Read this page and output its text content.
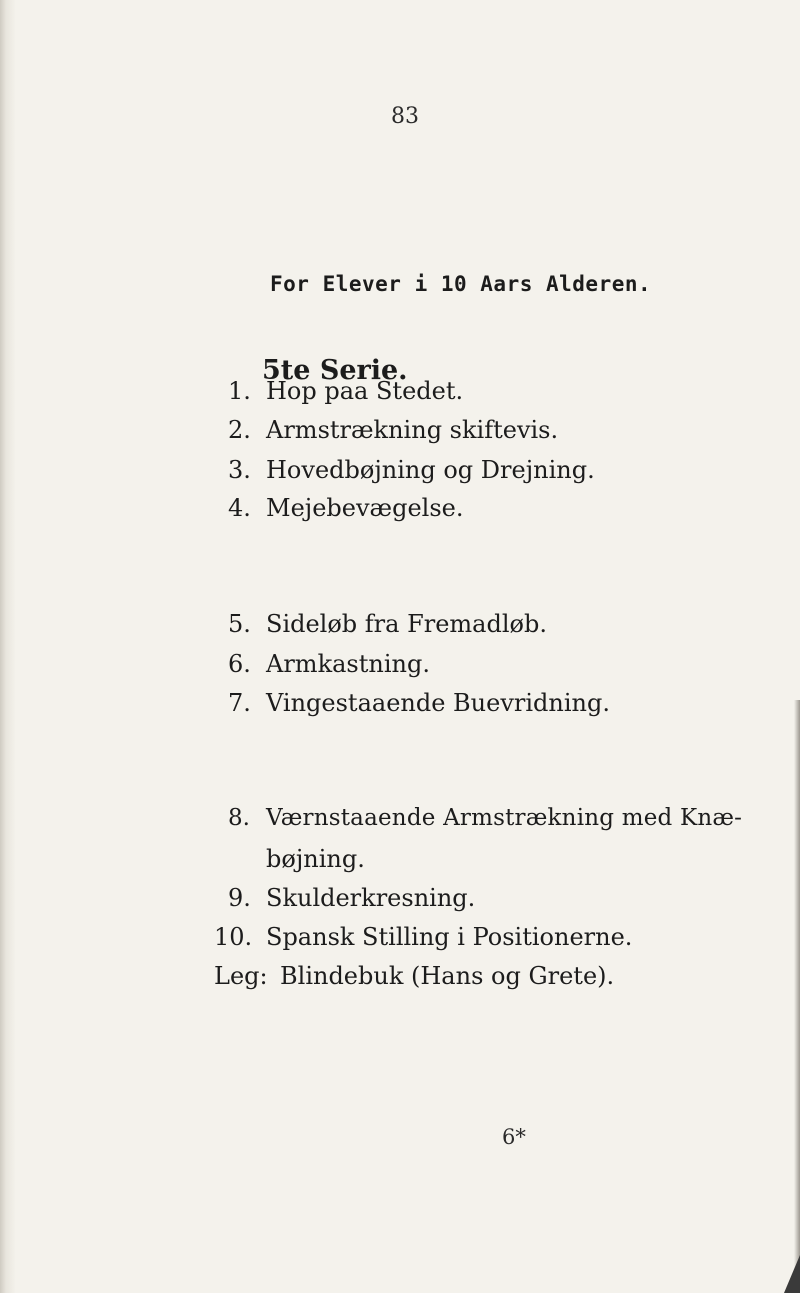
83
For Elever i 10 Aars Alderen.
5te Serie.
1. Hop paa Stedet.
2. Armstrækning skiftevis.
3. Hovedbøjning og Drejning.
4. Mejebevægelse.
5. Sideløb fra Fremadløb.
6. Armkastning.
7. Vingestaaende Buevridning.
8. Værnstaaende Armstrækning med Knæ-
bøjning.
9. Skulderkresning.
10. Spansk Stilling i Positionerne.
Leg: Blindebuk (Hans og Grete).
6*
